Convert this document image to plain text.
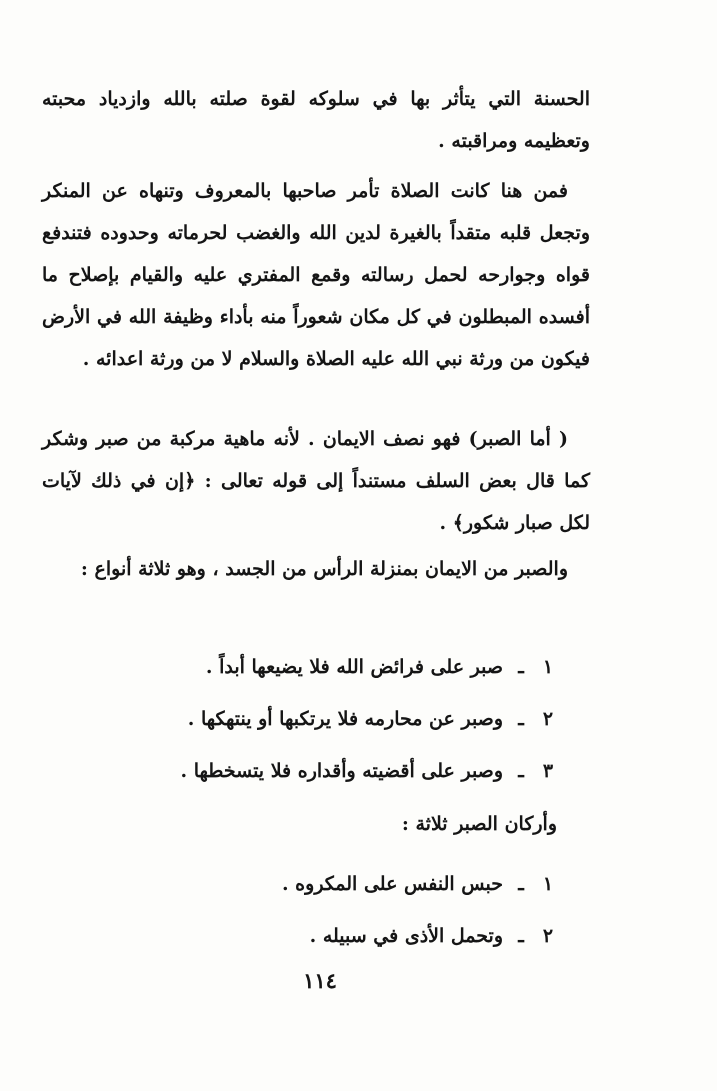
الحسنة التي يتأثر بها في سلوكه لقوة صلته بالله وازدياد محبته وتعظيمه ومراقبته .
فمن هنا كانت الصلاة تأمر صاحبها بالمعروف وتنهاه عن المنكر وتجعل قلبه متقداً بالغيرة لدين الله والغضب لحرماته وحدوده فتندفع قواه وجوارحه لحمل رسالته وقمع المفتري عليه والقيام بإصلاح ما أفسده المبطلون في كل مكان شعوراً منه بأداء وظيفة الله في الأرض فيكون من ورثة نبي الله عليه الصلاة والسلام لا من ورثة اعدائه .
( أما الصبر) فهو نصف الايمان . لأنه ماهية مركبة من صبر وشكر كما قال بعض السلف مستنداً إلى قوله تعالى : ﴿إن في ذلك لآيات لكل صبار شكور﴾ .
والصبر من الايمان بمنزلة الرأس من الجسد ، وهو ثلاثة أنواع :
١
ـ
صبر على فرائض الله فلا يضيعها أبداً .
٢
ـ
وصبر عن محارمه فلا يرتكبها أو ينتهكها .
٣
ـ
وصبر على أقضيته وأقداره فلا يتسخطها .
وأركان الصبر ثلاثة :
١
ـ
حبس النفس على المكروه .
٢
ـ
وتحمل الأذى في سبيله .
١١٤
